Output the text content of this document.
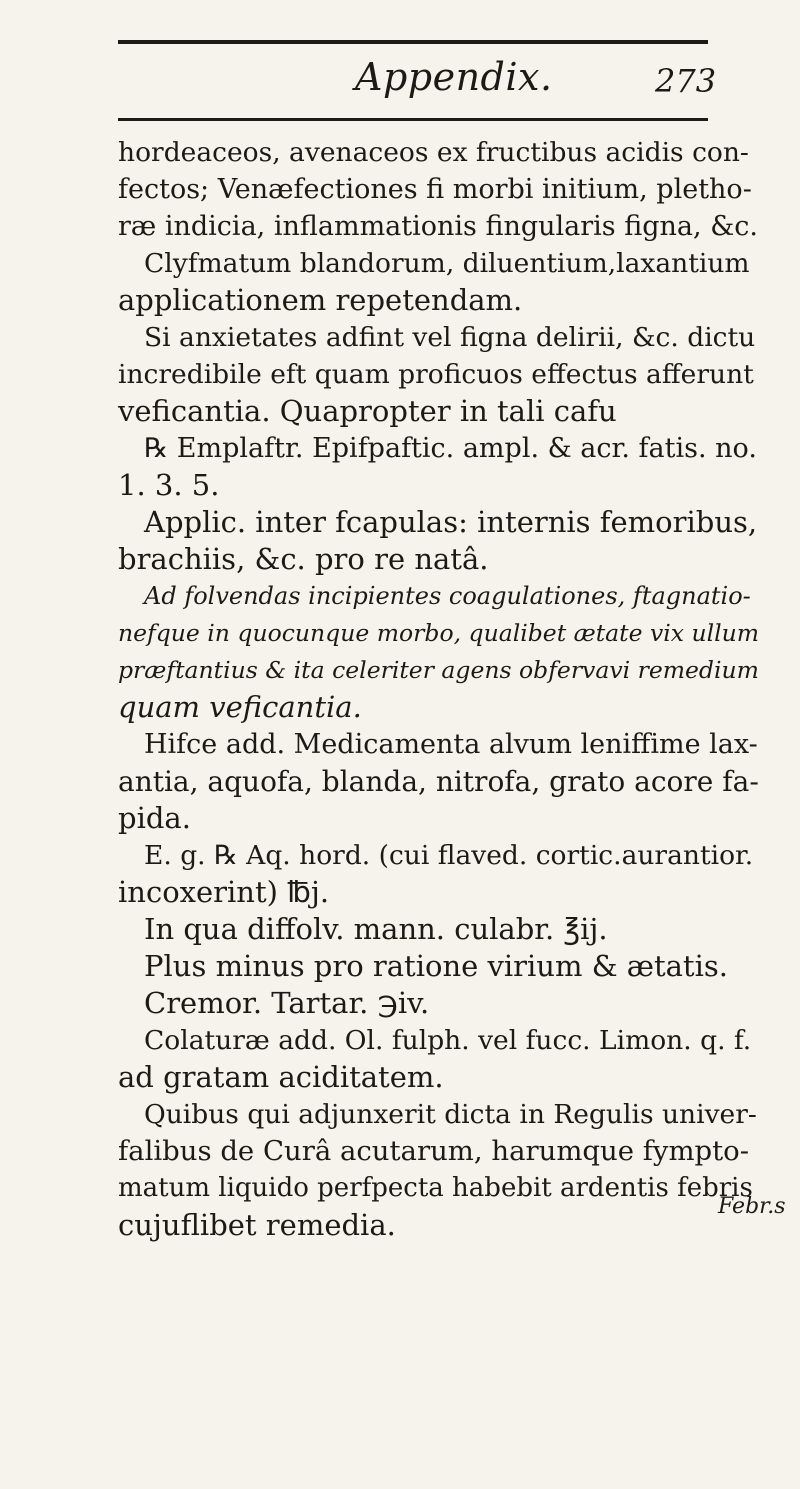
Appendix.	273
hordeaceos, avenaceos ex fructibus acidis con-
fectos; Venæfectiones fi morbi initium, pletho-
ræ indicia, inflammationis fingularis figna, &c.
Clyfmatum blandorum, diluentium,laxantium
applicationem repetendam.
Si anxietates adfint vel figna delirii, &c. dictu
incredibile eft quam proficuos effectus afferunt
veficantia. Quapropter in tali cafu
℞ Emplaftr. Epifpaftic. ampl. & acr. fatis. no.
1. 3. 5.
Applic. inter fcapulas: internis femoribus,
brachiis, &c. pro re natâ.
Ad folvendas incipientes coagulationes, ftagnatio-
nefque in quocunque morbo, qualibet ætate vix ullum
præftantius & ita celeriter agens obfervavi remedium
quam veficantia.
Hifce add. Medicamenta alvum leniffime lax-
antia, aquofa, blanda, nitrofa, grato acore fa-
pida.
E. g. ℞ Aq. hord. (cui flaved. cortic.aurantior.
incoxerint) ℔j.
In qua diffolv. mann. culabr. ℥ij.
Plus minus pro ratione virium & ætatis.
Cremor. Tartar. ℈iv.
Colaturæ add. Ol. fulph. vel fucc. Limon. q. f.
ad gratam aciditatem.
Quibus qui adjunxerit dicta in Regulis univer-
falibus de Curâ acutarum, harumque fympto-
matum liquido perfpecta habebit ardentis febris
cujuflibet remedia.
Febr.s
